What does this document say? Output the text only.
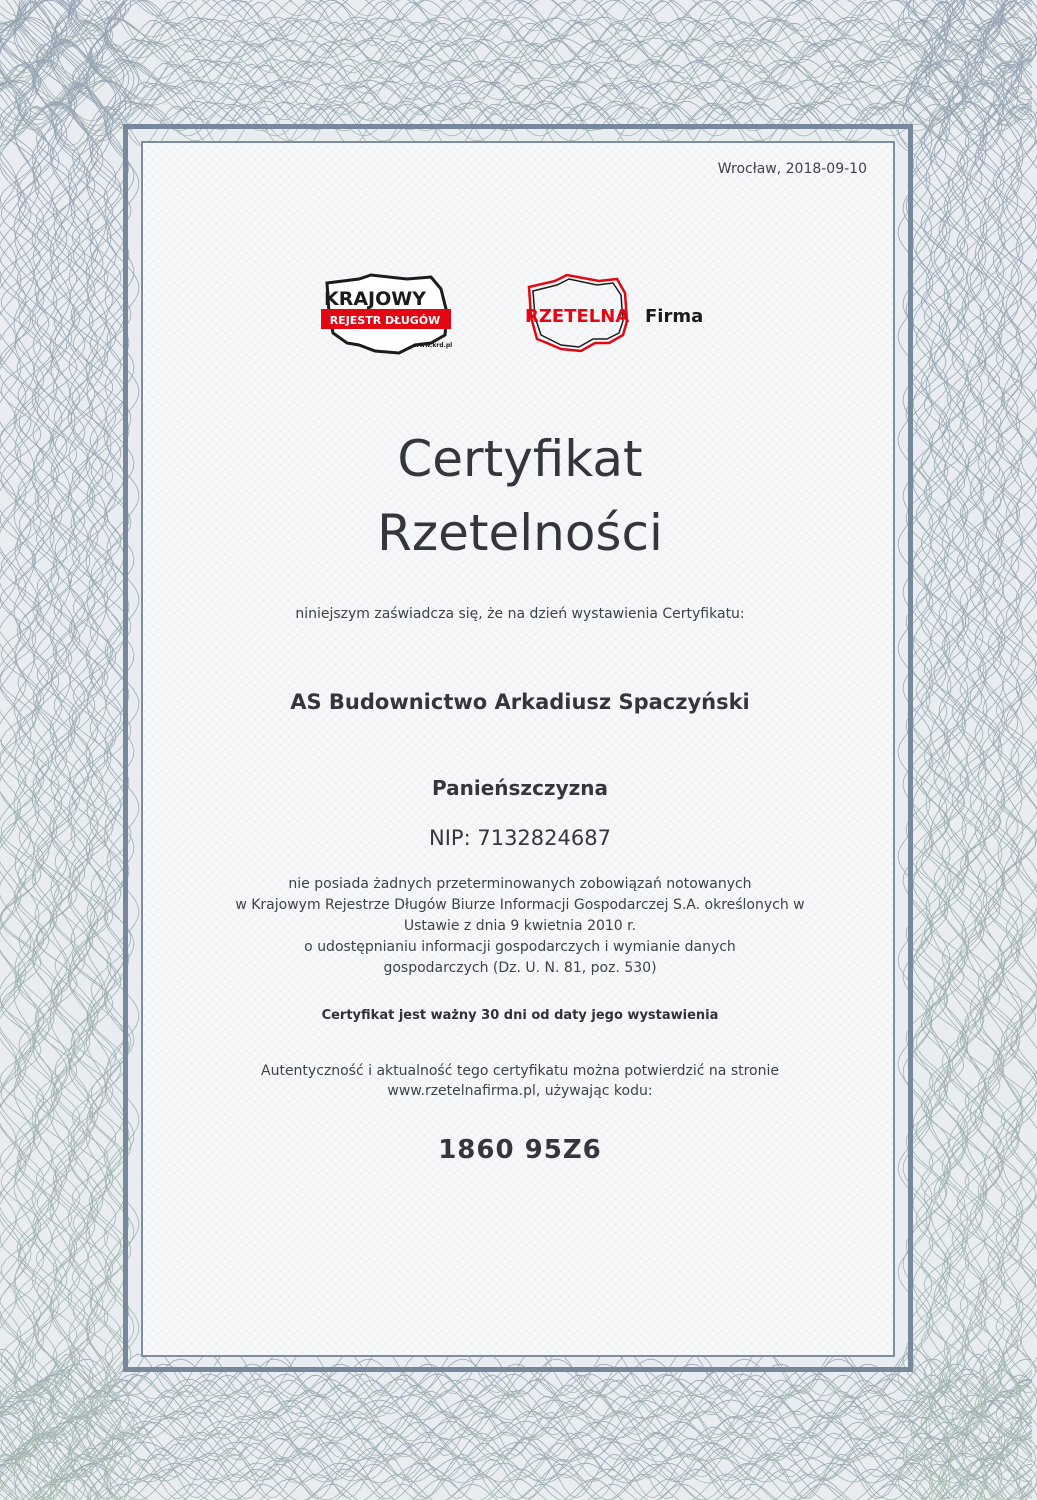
Wrocław, 2018-09-10
KRAJOWY
REJESTR DŁUGÓW
www.krd.pl
RZETELNA Firma
Certyfikat
Rzetelności
niniejszym zaświadcza się, że na dzień wystawienia Certyfikatu:
AS Budownictwo Arkadiusz Spaczyński
Panieńszczyzna
NIP: 7132824687
nie posiada żadnych przeterminowanych zobowiązań notowanych
w Krajowym Rejestrze Długów Biurze Informacji Gospodarczej S.A. określonych w
Ustawie z dnia 9 kwietnia 2010 r.
o udostępnianiu informacji gospodarczych i wymianie danych
gospodarczych (Dz. U. N. 81, poz. 530)
Certyfikat jest ważny 30 dni od daty jego wystawienia
Autentyczność i aktualność tego certyfikatu można potwierdzić na stronie
www.rzetelnafirma.pl, używając kodu:
1860 95Z6
